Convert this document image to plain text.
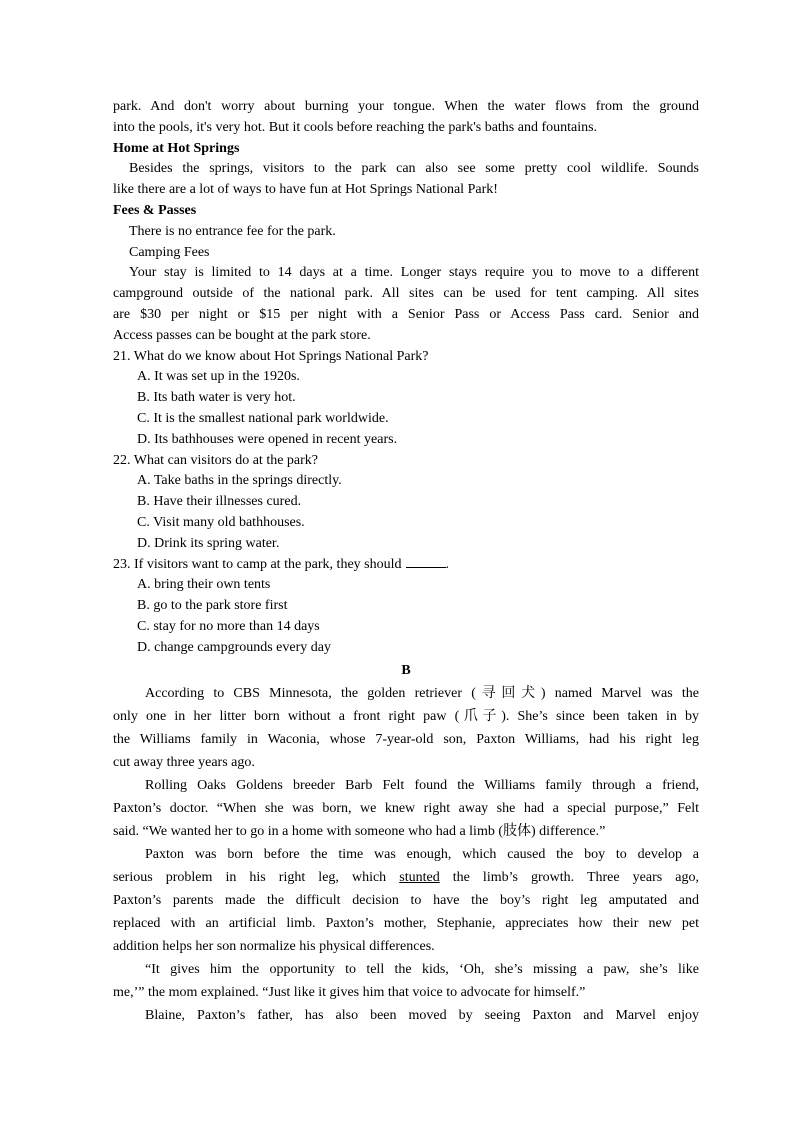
park. And don't worry about burning your tongue. When the water flows from the ground
into the pools, it's very hot. But it cools before reaching the park's baths and fountains.
Home at Hot Springs
Besides the springs, visitors to the park can also see some pretty cool wildlife. Sounds
like there are a lot of ways to have fun at Hot Springs National Park!
Fees & Passes
There is no entrance fee for the park.
Camping Fees
Your stay is limited to 14 days at a time. Longer stays require you to move to a different
campground outside of the national park. All sites can be used for tent camping. All sites
are $30 per night or $15 per night with a Senior Pass or Access Pass card. Senior and
Access passes can be bought at the park store.
21. What do we know about Hot Springs National Park?
A. It was set up in the 1920s.
B. Its bath water is very hot.
C. It is the smallest national park worldwide.
D. Its bathhouses were opened in recent years.
22. What can visitors do at the park?
A. Take baths in the springs directly.
B. Have their illnesses cured.
C. Visit many old bathhouses.
D. Drink its spring water.
23. If visitors want to camp at the park, they should	.
A. bring their own tents
B. go to the park store first
C. stay for no more than 14 days
D. change campgrounds every day
B
According to CBS Minnesota, the golden retriever (寻回犬) named Marvel was the
only one in her litter born without a front right paw (爪子). She’s since been taken in by
the Williams family in Waconia, whose 7-year-old son, Paxton Williams, had his right leg
cut away three years ago.
Rolling Oaks Goldens breeder Barb Felt found the Williams family through a friend,
Paxton’s doctor. “When she was born, we knew right away she had a special purpose,” Felt
said. “We wanted her to go in a home with someone who had a limb (肢体) difference.”
Paxton was born before the time was enough, which caused the boy to develop a
serious problem in his right leg, which stunted the limb’s growth. Three years ago,
Paxton’s parents made the difficult decision to have the boy’s right leg amputated and
replaced with an artificial limb. Paxton’s mother, Stephanie, appreciates how their new pet
addition helps her son normalize his physical differences.
“It gives him the opportunity to tell the kids, ‘Oh, she’s missing a paw, she’s like
me,’” the mom explained. “Just like it gives him that voice to advocate for himself.”
Blaine, Paxton’s father, has also been moved by seeing Paxton and Marvel enjoy
